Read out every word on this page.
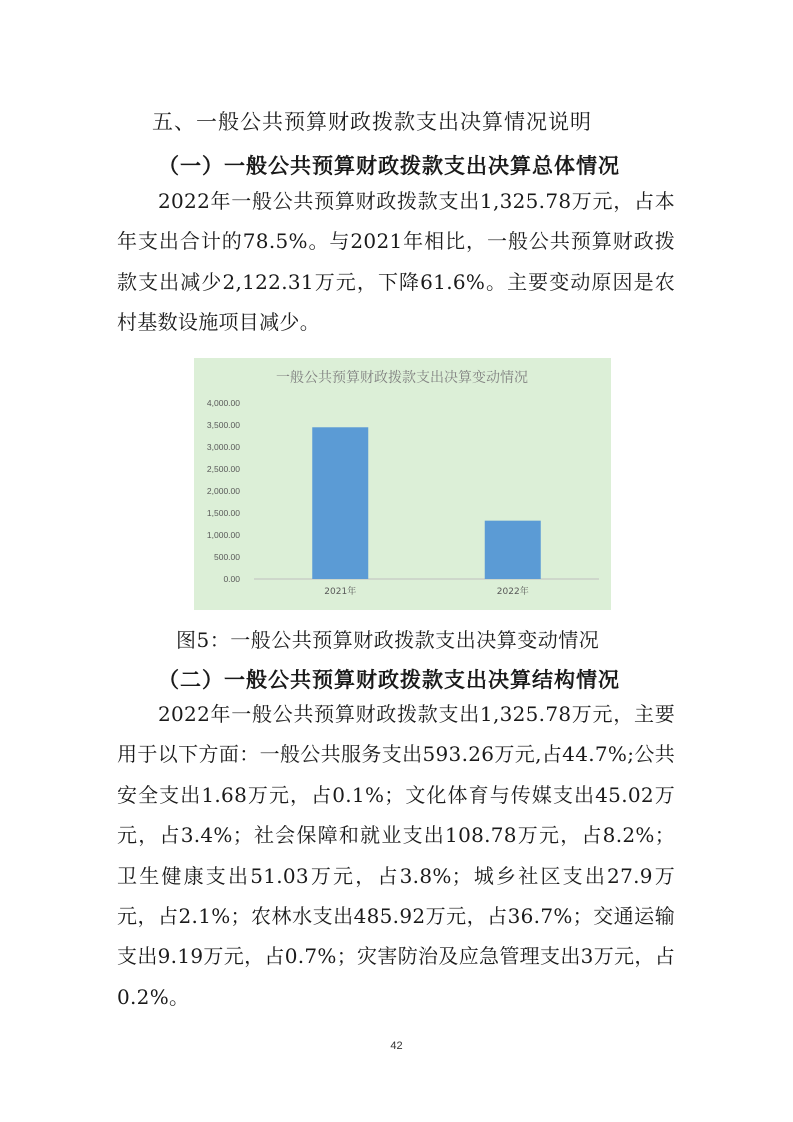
五、一般公共预算财政拨款支出决算情况说明
（一）一般公共预算财政拨款支出决算总体情况

2022年一般公共预算财政拨款支出1,325.78万元，占本年支出合计的78.5%。与2021年相比，一般公共预算财政拨款支出减少2,122.31万元，下降61.6%。主要变动原因是农村基数设施项目减少。

一般公共预算财政拨款支出决算变动情况
0.00
500.00
1,000.00
1,500.00
2,000.00
2,500.00
3,000.00
3,500.00
4,000.00
2021年	2022年
图5：一般公共预算财政拨款支出决算变动情况
（二）一般公共预算财政拨款支出决算结构情况

2022年一般公共预算财政拨款支出1,325.78万元，主要用于以下方面：一般公共服务支出593.26万元,占44.7%;公共安全支出1.68万元，占0.1%；文化体育与传媒支出45.02万元，占3.4%；社会保障和就业支出108.78万元，占8.2%；卫生健康支出51.03万元，占3.8%；城乡社区支出27.9万元，占2.1%；农林水支出485.92万元，占36.7%；交通运输支出9.19万元，占0.7%；灾害防治及应急管理支出3万元，占0.2%。

42
